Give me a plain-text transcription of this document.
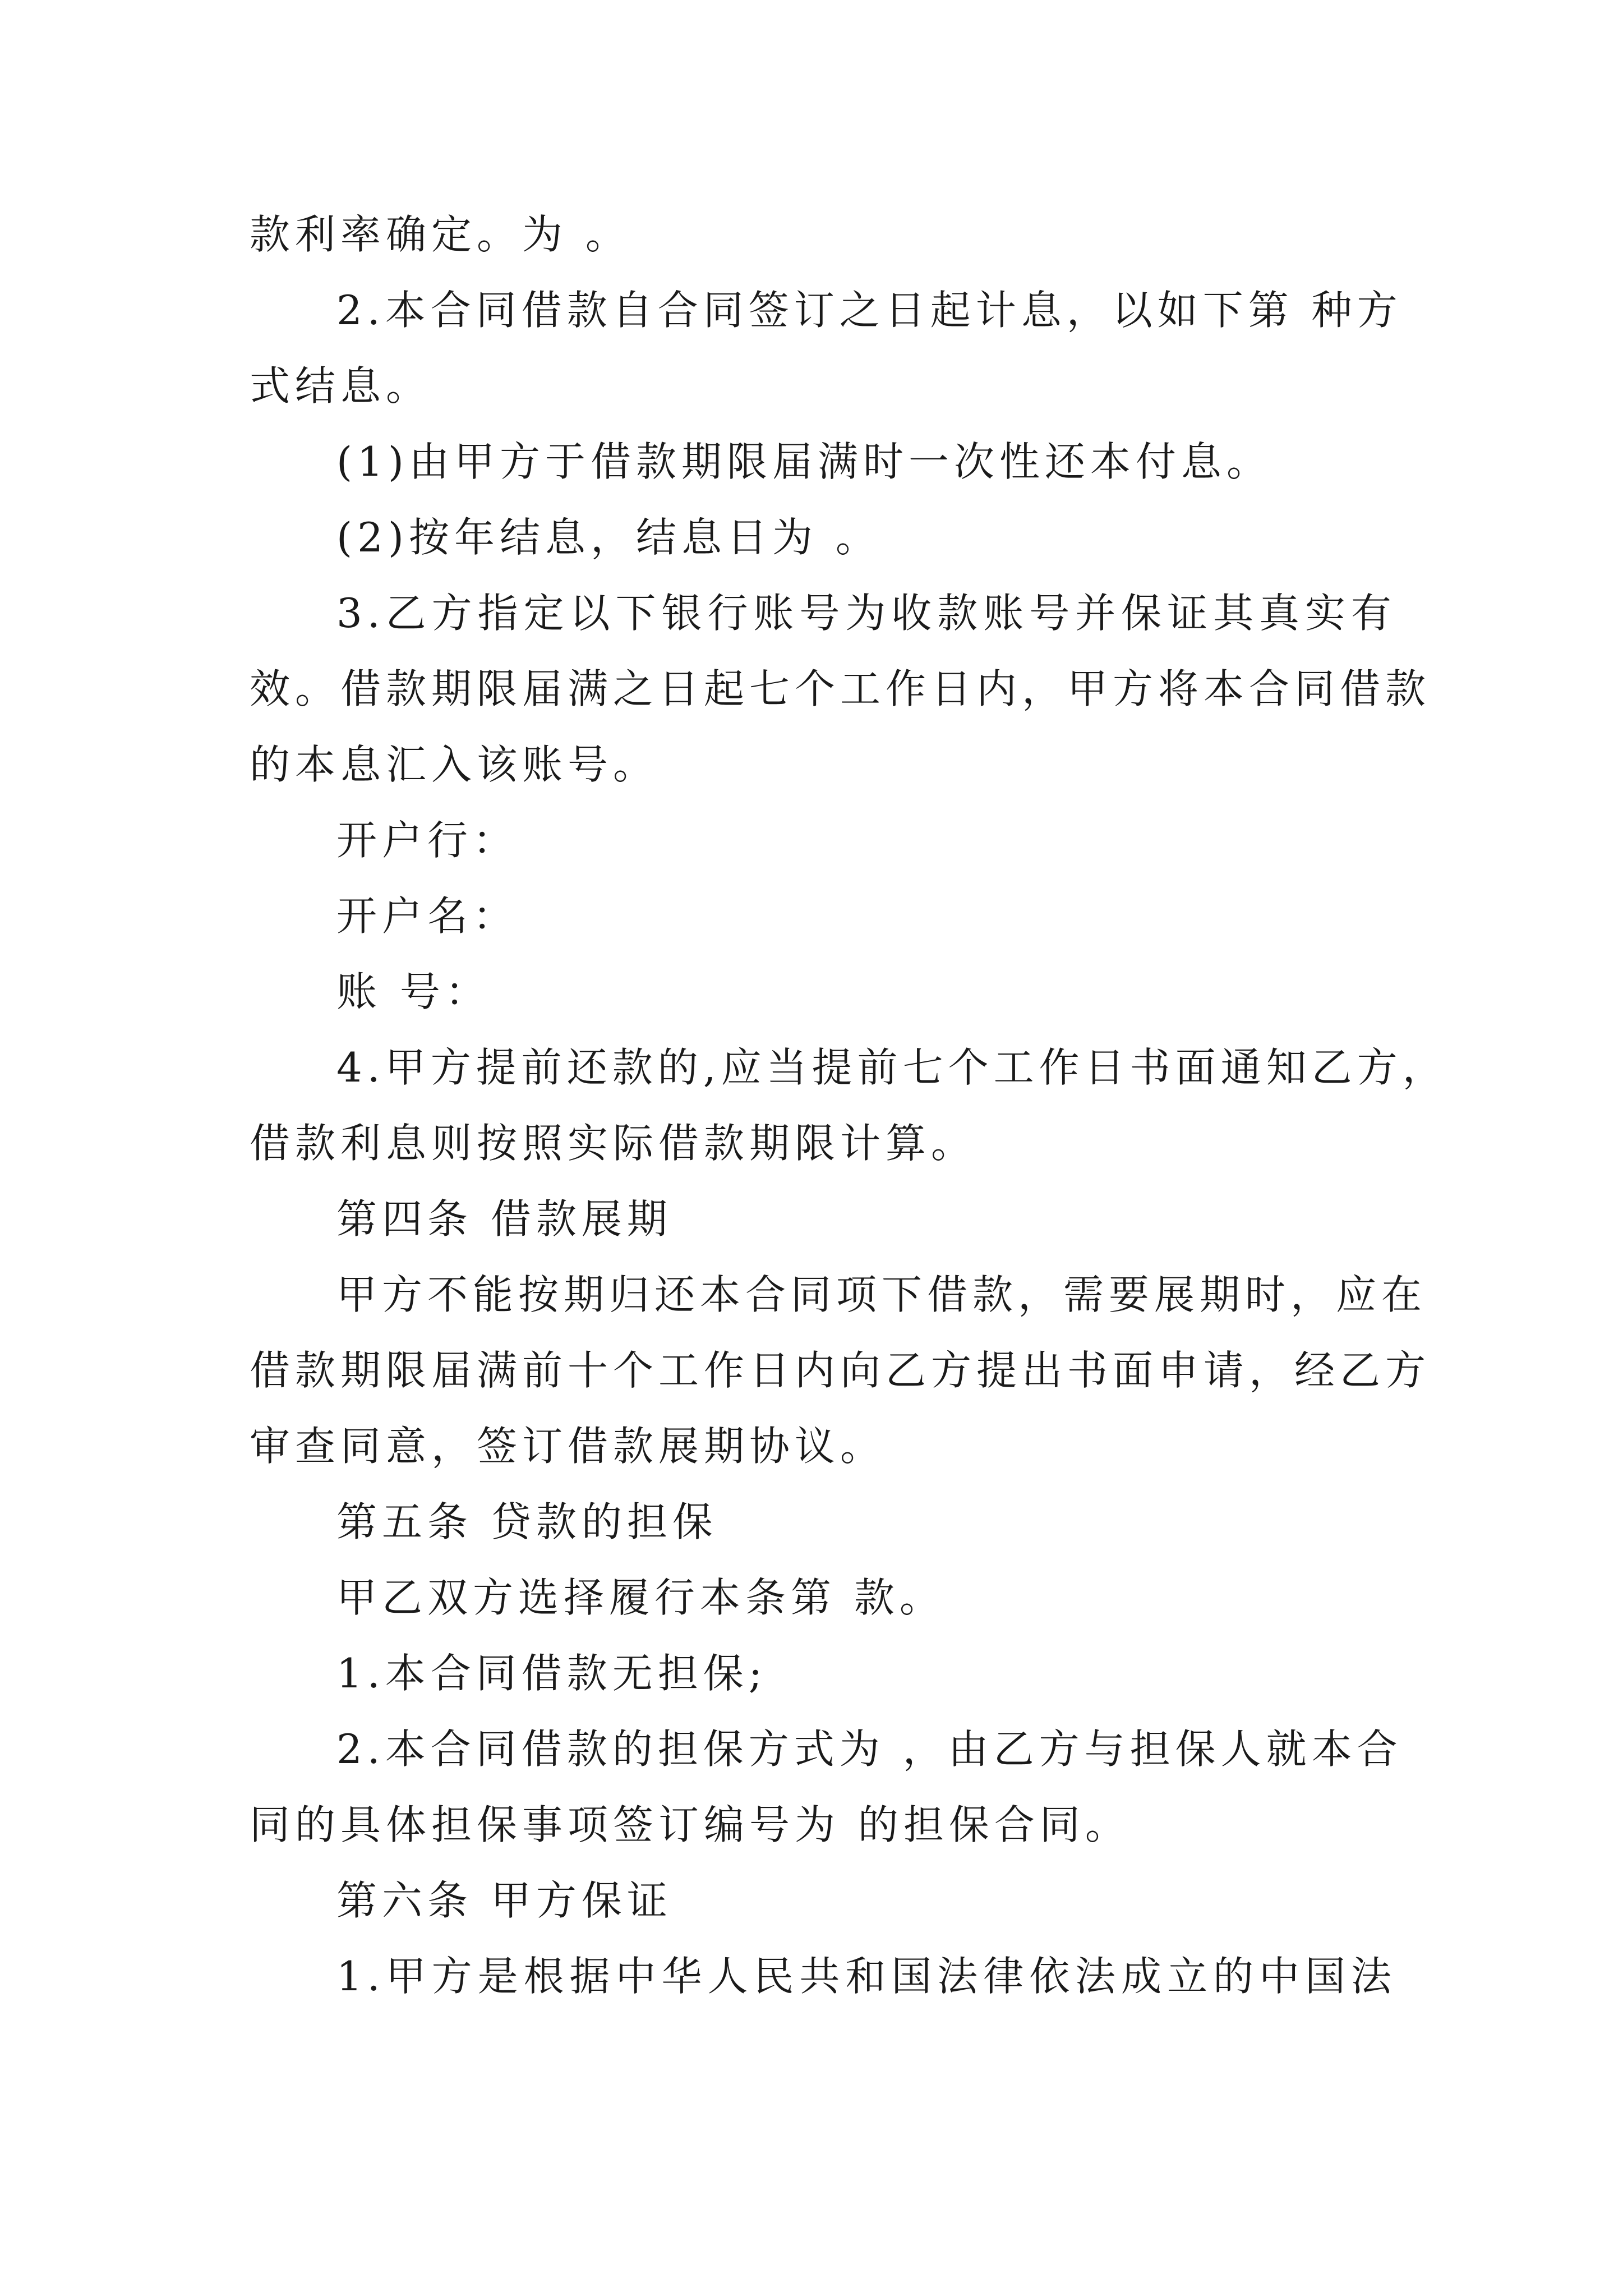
款利率确定。为 。
2.本合同借款自合同签订之日起计息，以如下第 种方
式结息。
(1)由甲方于借款期限届满时一次性还本付息。
(2)按年结息，结息日为 。
3.乙方指定以下银行账号为收款账号并保证其真实有
效。借款期限届满之日起七个工作日内，甲方将本合同借款
的本息汇入该账号。
开户行：
开户名：
账 号：
4.甲方提前还款的,应当提前七个工作日书面通知乙方，
借款利息则按照实际借款期限计算。
第四条 借款展期
甲方不能按期归还本合同项下借款，需要展期时，应在
借款期限届满前十个工作日内向乙方提出书面申请，经乙方
审查同意，签订借款展期协议。
第五条 贷款的担保
甲乙双方选择履行本条第 款。
1.本合同借款无担保;
2.本合同借款的担保方式为 ，由乙方与担保人就本合
同的具体担保事项签订编号为 的担保合同。
第六条 甲方保证
1.甲方是根据中华人民共和国法律依法成立的中国法
